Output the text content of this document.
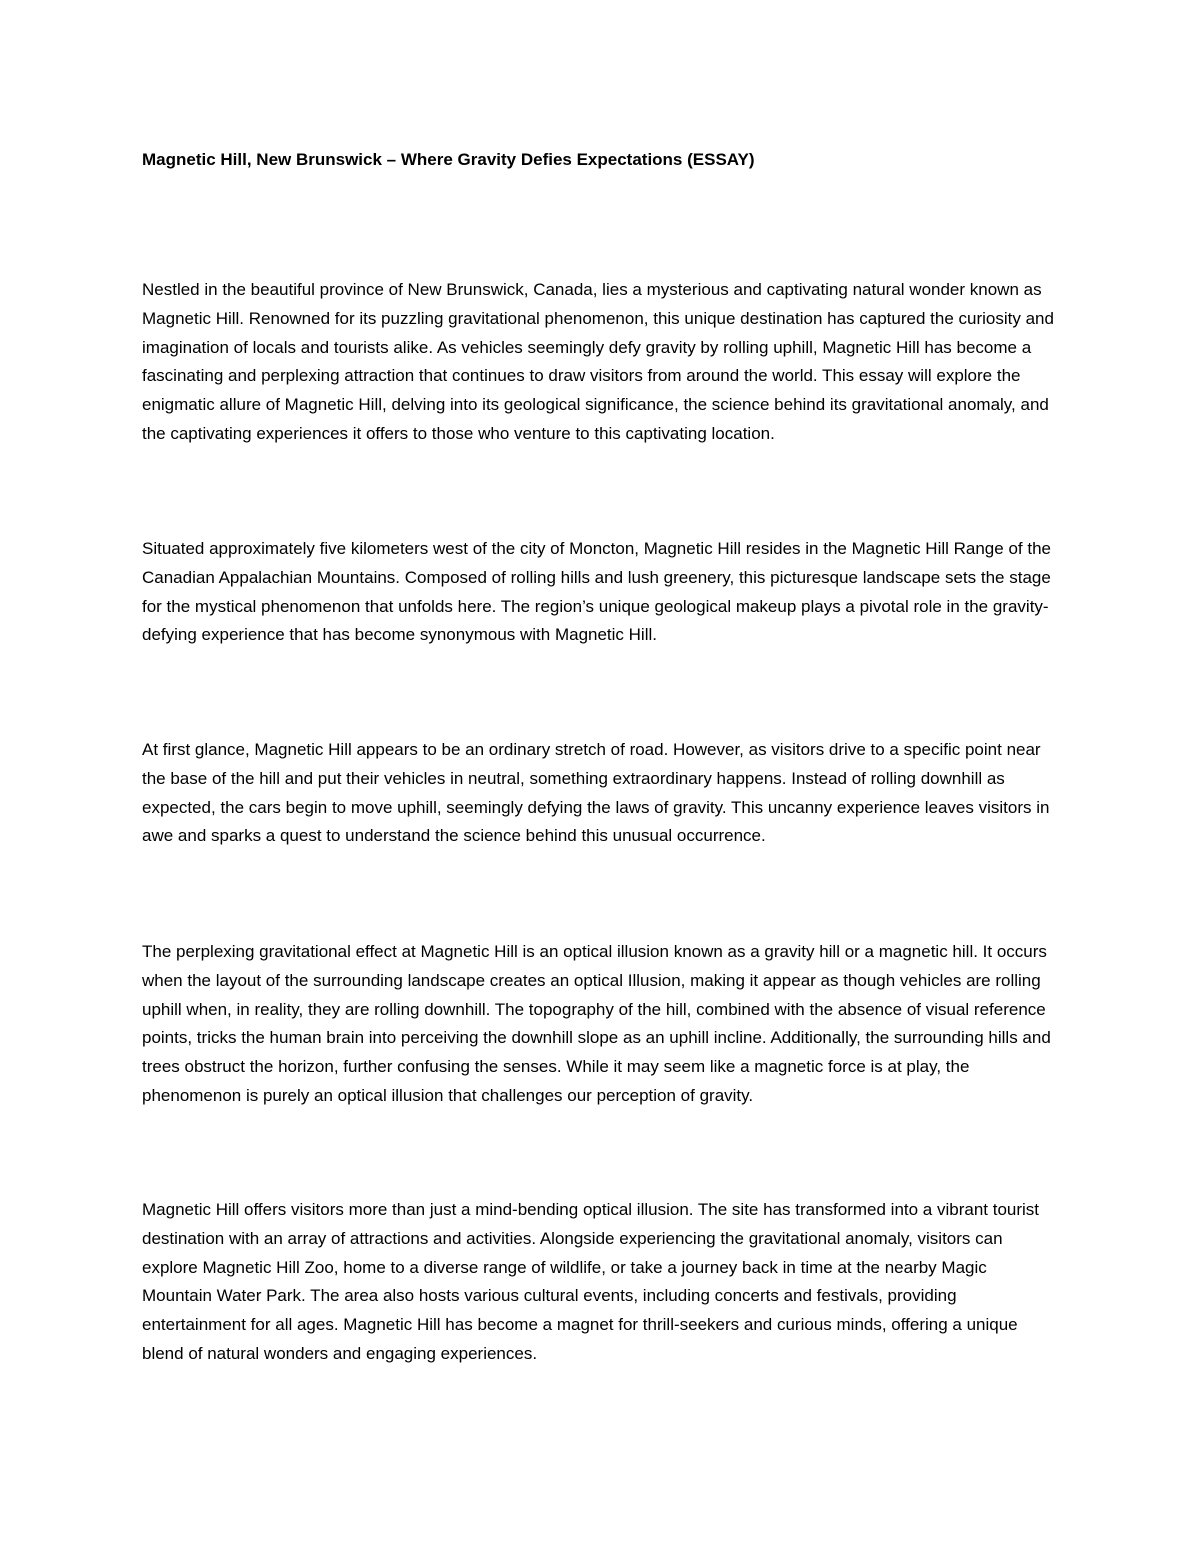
Magnetic Hill, New Brunswick – Where Gravity Defies Expectations (ESSAY)

Nestled in the beautiful province of New Brunswick, Canada, lies a mysterious and captivating natural wonder known as Magnetic Hill. Renowned for its puzzling gravitational phenomenon, this unique destination has captured the curiosity and imagination of locals and tourists alike. As vehicles seemingly defy gravity by rolling uphill, Magnetic Hill has become a fascinating and perplexing attraction that continues to draw visitors from around the world. This essay will explore the enigmatic allure of Magnetic Hill, delving into its geological significance, the science behind its gravitational anomaly, and the captivating experiences it offers to those who venture to this captivating location.

Situated approximately five kilometers west of the city of Moncton, Magnetic Hill resides in the Magnetic Hill Range of the Canadian Appalachian Mountains. Composed of rolling hills and lush greenery, this picturesque landscape sets the stage for the mystical phenomenon that unfolds here. The region’s unique geological makeup plays a pivotal role in the gravity-defying experience that has become synonymous with Magnetic Hill.

At first glance, Magnetic Hill appears to be an ordinary stretch of road. However, as visitors drive to a specific point near the base of the hill and put their vehicles in neutral, something extraordinary happens. Instead of rolling downhill as expected, the cars begin to move uphill, seemingly defying the laws of gravity. This uncanny experience leaves visitors in awe and sparks a quest to understand the science behind this unusual occurrence.

The perplexing gravitational effect at Magnetic Hill is an optical illusion known as a gravity hill or a magnetic hill. It occurs when the layout of the surrounding landscape creates an optical Illusion, making it appear as though vehicles are rolling uphill when, in reality, they are rolling downhill. The topography of the hill, combined with the absence of visual reference points, tricks the human brain into perceiving the downhill slope as an uphill incline. Additionally, the surrounding hills and trees obstruct the horizon, further confusing the senses. While it may seem like a magnetic force is at play, the phenomenon is purely an optical illusion that challenges our perception of gravity.

Magnetic Hill offers visitors more than just a mind-bending optical illusion. The site has transformed into a vibrant tourist destination with an array of attractions and activities. Alongside experiencing the gravitational anomaly, visitors can explore Magnetic Hill Zoo, home to a diverse range of wildlife, or take a journey back in time at the nearby Magic Mountain Water Park. The area also hosts various cultural events, including concerts and festivals, providing entertainment for all ages. Magnetic Hill has become a magnet for thrill-seekers and curious minds, offering a unique blend of natural wonders and engaging experiences.
